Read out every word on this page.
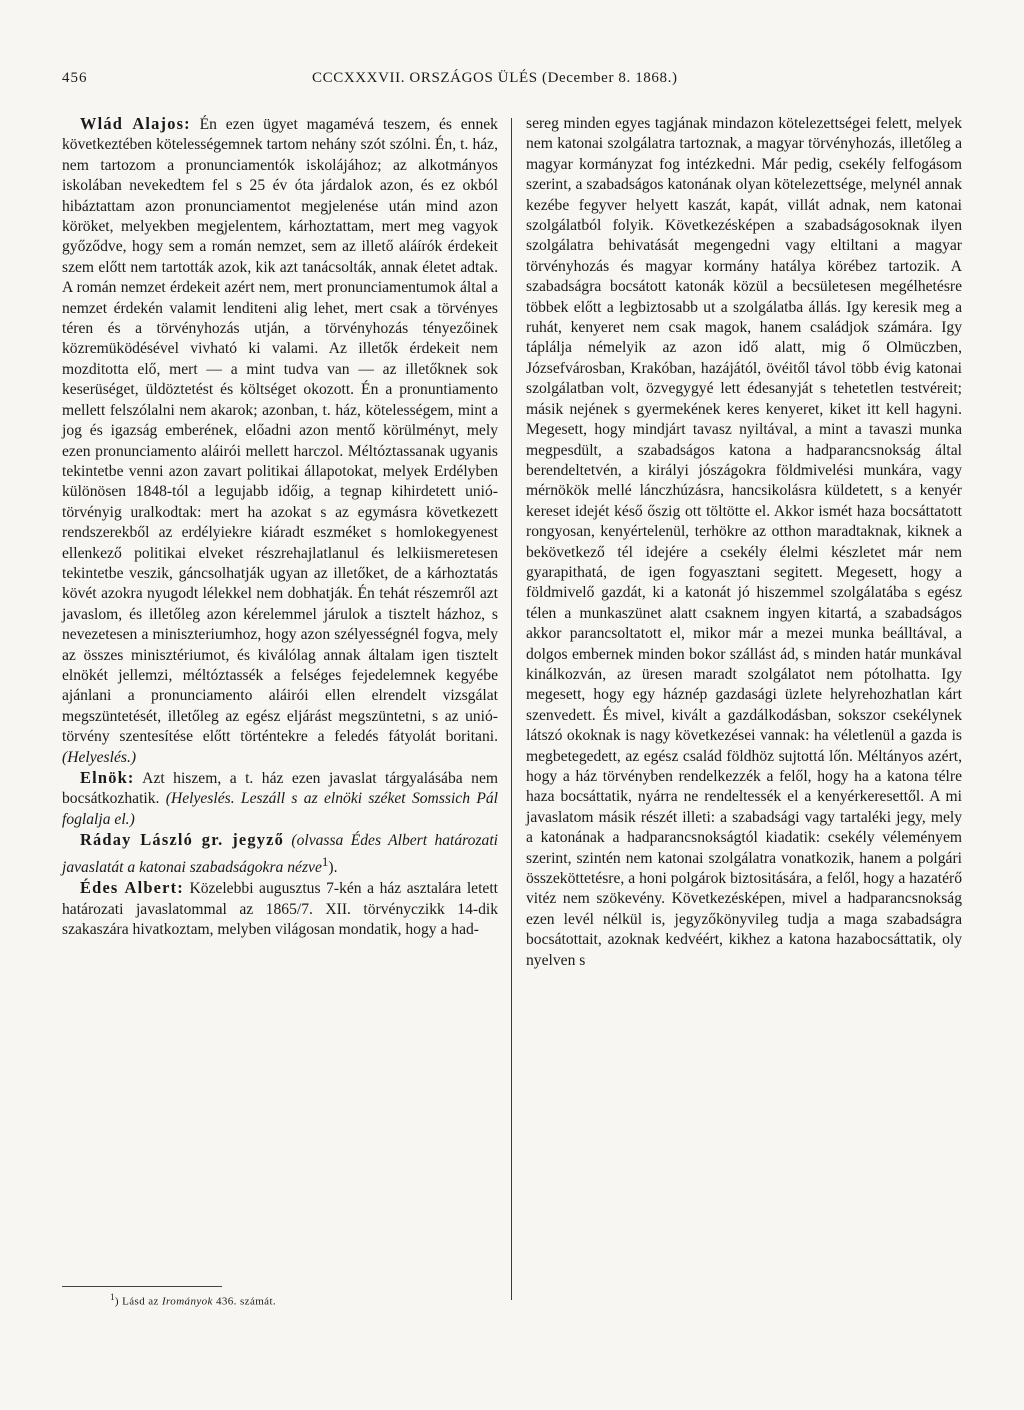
456	CCCXXXVII. ORSZÁGOS ÜLÉS (December 8. 1868.)

Wlád Alajos: Én ezen ügyet magamévá teszem, és ennek következtében kötelességemnek tartom nehány szót szólni. Én, t. ház, nem tartozom a pronunciamentók iskolájához; az alkotmányos iskolában nevekedtem fel s 25 év óta járdalok azon, és ez okból hibáztattam azon pronunciamentot megjelenése után mind azon köröket, melyekben megjelentem, kárhoztattam, mert meg vagyok győződve, hogy sem a román nemzet, sem az illető aláírók érdekeit szem előtt nem tartották azok, kik azt tanácsolták, annak életet adtak. A román nemzet érdekeit azért nem, mert pronunciamentumok által a nemzet érdekén valamit lenditeni alig lehet, mert csak a törvényes téren és a törvényhozás utján, a törvényhozás tényezőinek közremüködésével vivható ki valami. Az illetők érdekeit nem mozditotta elő, mert — a mint tudva van — az illetőknek sok keserüséget, üldöztetést és költséget okozott. Én a pronuntiamento mellett felszólalni nem akarok; azonban, t. ház, kötelességem, mint a jog és igazság emberének, előadni azon mentő körülményt, mely ezen pronunciamento aláirói mellett harczol. Méltóztassanak ugyanis tekintetbe venni azon zavart politikai állapotokat, melyek Erdélyben különösen 1848-tól a legujabb időig, a tegnap kihirdetett unió-törvényig uralkodtak: mert ha azokat s az egymásra következett rendszerekből az erdélyiekre kiáradt eszméket s homlokegyenest ellenkező politikai elveket részrehajlatlanul és lelkiismeretesen tekintetbe veszik, gáncsolhatják ugyan az illetőket, de a kárhoztatás kövét azokra nyugodt lélekkel nem dobhatják. Én tehát részemről azt javaslom, és illetőleg azon kérelemmel járulok a tisztelt házhoz, s nevezetesen a miniszteriumhoz, hogy azon szélyességnél fogva, mely az összes minisztériumot, és kiválólag annak általam igen tisztelt elnökét jellemzi, méltóztassék a felséges fejedelemnek kegyébe ajánlani a pronunciamento aláirói ellen elrendelt vizsgálat megszüntetését, illetőleg az egész eljárást megszüntetni, s az unió-törvény szentesítése előtt történtekre a feledés fátyolát boritani. (Helyeslés.)

Elnök: Azt hiszem, a t. ház ezen javaslat tárgyalásába nem bocsátkozhatik. (Helyeslés. Leszáll s az elnöki széket Somssich Pál foglalja el.)

Ráday László gr. jegyző (olvassa Édes Albert határozati javaslatát a katonai szabadságokra nézve$^1$).

Édes Albert: Közelebbi augusztus 7-kén a ház asztalára letett határozati javaslatommal az 1865/7. XII. törvényczikk 14-dik szakaszára hivatkoztam, melyben világosan mondatik, hogy a had-

sereg minden egyes tagjának mindazon kötelezettségei felett, melyek nem katonai szolgálatra tartoznak, a magyar törvényhozás, illetőleg a magyar kormányzat fog intézkedni. Már pedig, csekély felfogásom szerint, a szabadságos katonának olyan kötelezettsége, melynél annak kezébe fegyver helyett kaszát, kapát, villát adnak, nem katonai szolgálatból folyik. Következésképen a szabadságosoknak ilyen szolgálatra behivatását megengedni vagy eltiltani a magyar törvényhozás és magyar kormány hatálya körébez tartozik. A szabadságra bocsátott katonák közül a becsületesen megélhetésre többek előtt a legbiztosabb ut a szolgálatba állás. Igy keresik meg a ruhát, kenyeret nem csak magok, hanem családjok számára. Igy táplálja némelyik az azon idő alatt, mig ő Olmüczben, Józsefvárosban, Krakóban, hazájától, övéitől távol több évig katonai szolgálatban volt, özvegygyé lett édesanyját s tehetetlen testvéreit; másik nejének s gyermekének keres kenyeret, kiket itt kell hagyni. Megesett, hogy mindjárt tavasz nyiltával, a mint a tavaszi munka megpesdült, a szabadságos katona a hadparancsnokság által berendeltetvén, a királyi jószágokra földmivelési munkára, vagy mérnökök mellé lánczhúzásra, hancsikolásra küldetett, s a kenyér kereset idejét késő őszig ott töltötte el. Akkor ismét haza bocsáttatott rongyosan, kenyértelenül, terhökre az otthon maradtaknak, kiknek a bekövetkező tél idejére a csekély élelmi készletet már nem gyarapithatá, de igen fogyasztani segitett. Megesett, hogy a földmivelő gazdát, ki a katonát jó hiszemmel szolgálatába s egész télen a munkaszünet alatt csaknem ingyen kitartá, a szabadságos akkor parancsoltatott el, mikor már a mezei munka beálltával, a dolgos embernek minden bokor szállást ád, s minden határ munkával kinálkozván, az üresen maradt szolgálatot nem pótolhatta. Igy megesett, hogy egy háznép gazdasági üzlete helyrehozhatlan kárt szenvedett. És mivel, kivált a gazdálkodásban, sokszor csekélynek látszó okoknak is nagy következései vannak: ha véletlenül a gazda is megbetegedett, az egész család földhöz sujtottá lőn. Méltányos azért, hogy a ház törvényben rendelkezzék a felől, hogy ha a katona télre haza bocsáttatik, nyárra ne rendeltessék el a kenyérkeresettől. A mi javaslatom másik részét illeti: a szabadsági vagy tartaléki jegy, mely a katonának a hadparancsnokságtól kiadatik: csekély véleményem szerint, szintén nem katonai szolgálatra vonatkozik, hanem a polgári összeköttetésre, a honi polgárok biztositására, a felől, hogy a hazatérő vitéz nem szökevény. Következésképen, mivel a hadparancsnokság ezen levél nélkül is, jegyzőkönyvileg tudja a maga szabadságra bocsátottait, azoknak kedvéért, kikhez a katona hazabocsáttatik, oly nyelven s

$^1$) Lásd az Irományok 436. számát.
